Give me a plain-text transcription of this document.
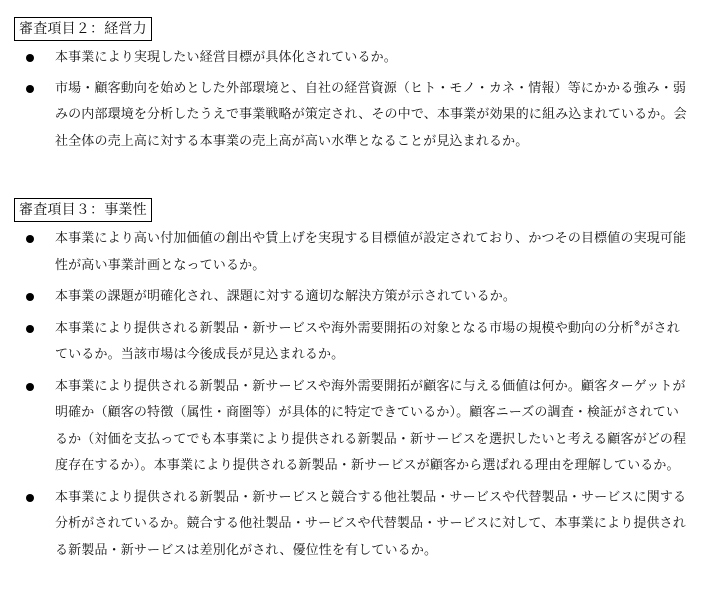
審査項目２：経営力
本事業により実現したい経営目標が具体化されているか。
市場・顧客動向を始めとした外部環境と、自社の経営資源（ヒト・モノ・カネ・情報）等にかかる強み・弱みの内部環境を分析したうえで事業戦略が策定され、その中で、本事業が効果的に組み込まれているか。会社全体の売上高に対する本事業の売上高が高い水準となることが見込まれるか。
審査項目３：事業性
本事業により高い付加価値の創出や賃上げを実現する目標値が設定されており、かつその目標値の実現可能性が高い事業計画となっているか。
本事業の課題が明確化され、課題に対する適切な解決方策が示されているか。
本事業により提供される新製品・新サービスや海外需要開拓の対象となる市場の規模や動向の分析※がされているか。当該市場は今後成長が見込まれるか。
本事業により提供される新製品・新サービスや海外需要開拓が顧客に与える価値は何か。顧客ターゲットが明確か（顧客の特徴（属性・商圏等）が具体的に特定できているか）。顧客ニーズの調査・検証がされているか（対価を支払ってでも本事業により提供される新製品・新サービスを選択したいと考える顧客がどの程度存在するか）。本事業により提供される新製品・新サービスが顧客から選ばれる理由を理解しているか。
本事業により提供される新製品・新サービスと競合する他社製品・サービスや代替製品・サービスに関する分析がされているか。競合する他社製品・サービスや代替製品・サービスに対して、本事業により提供される新製品・新サービスは差別化がされ、優位性を有しているか。
